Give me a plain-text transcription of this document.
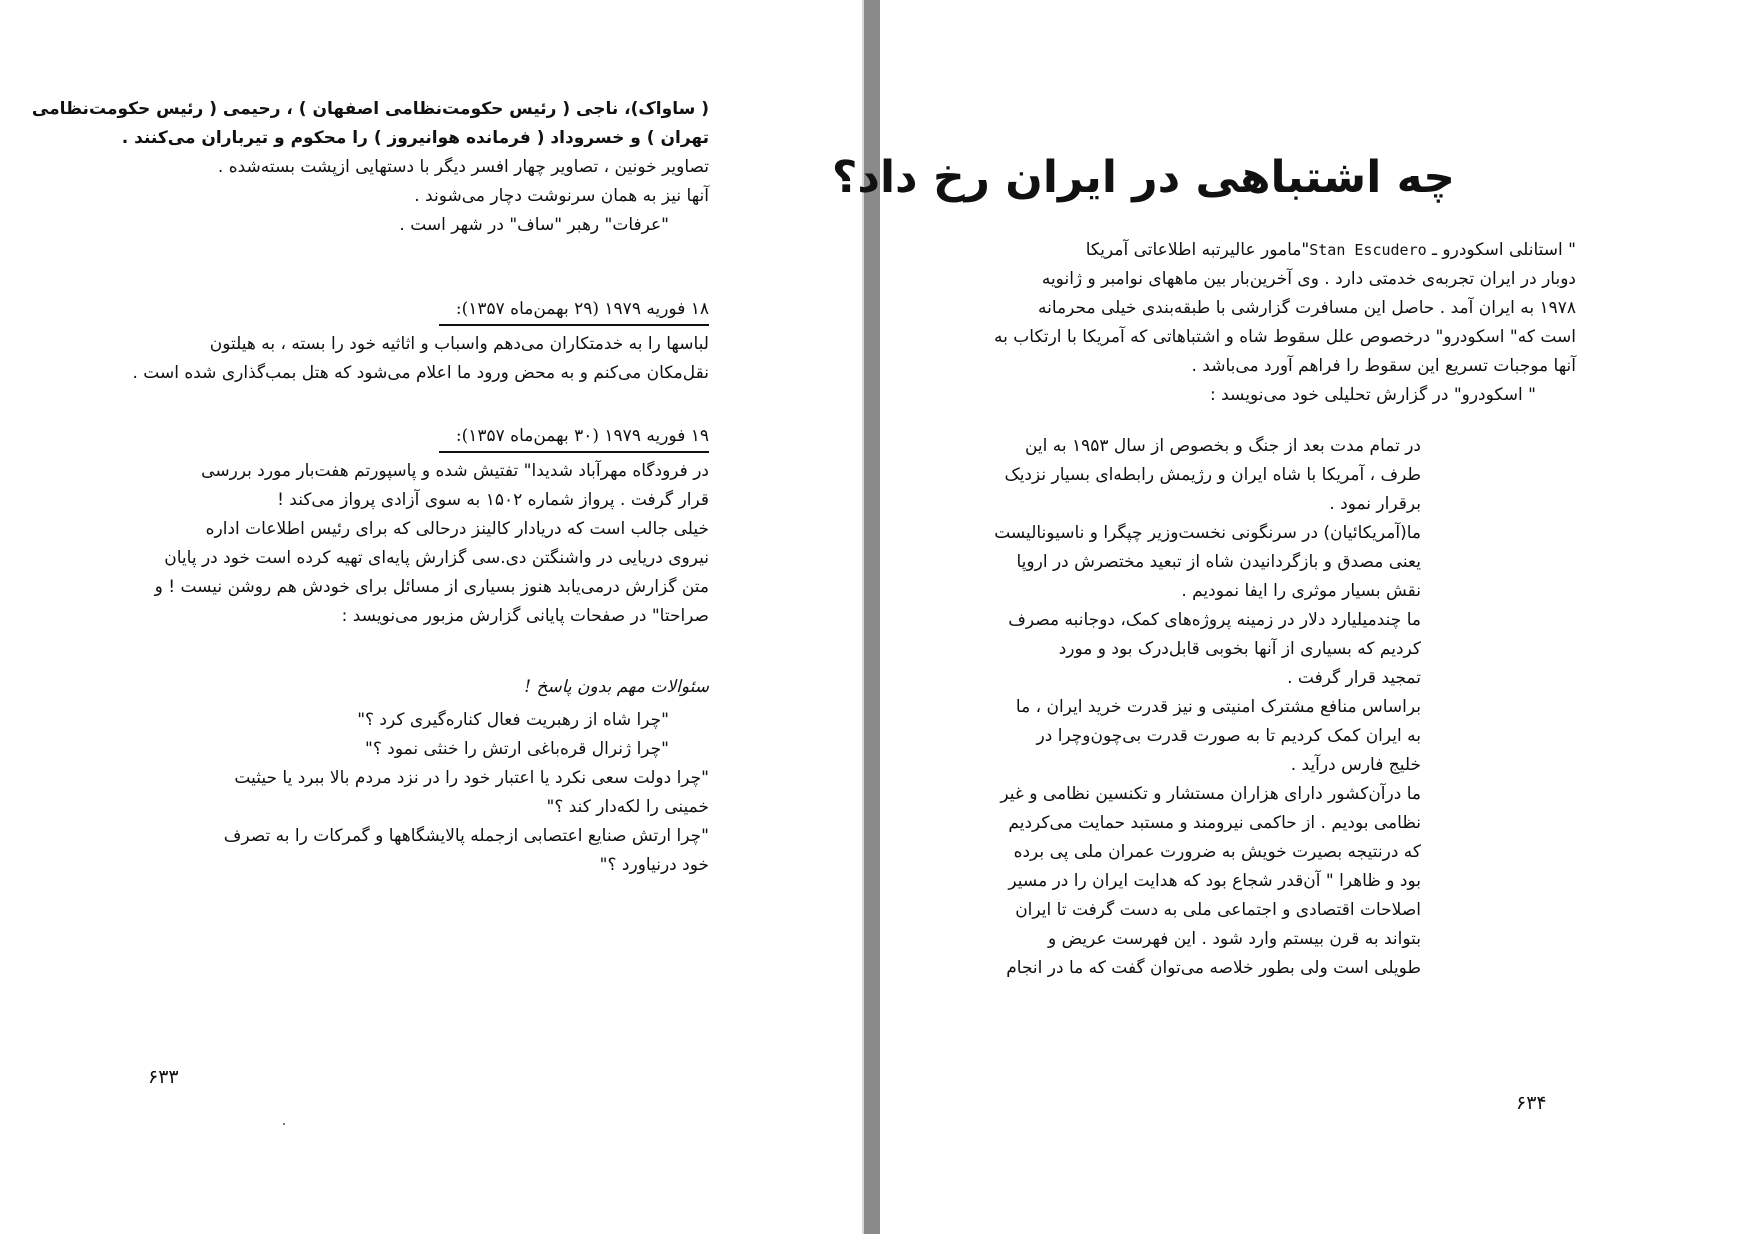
( ساواک)، ناجی ( رئیس حکومت‌نظامی اصفهان ) ، رحیمی ( رئیس حکومت‌نظامی
تهران ) و خسروداد ( فرمانده هوانیروز ) را محکوم و تیرباران می‌کنند .
تصاویر خونین ، تصاویر چهار افسر دیگر با دستهایی ازپشت بسته‌شده .
آنها نیز به همان سرنوشت دچار می‌شوند .
"عرفات" رهبر "ساف" در شهر است .
۱۸ فوریه ۱۹۷۹ (۲۹ بهمن‌ماه ۱۳۵۷):
لباسها را به خدمتکاران می‌دهم واسباب و اثاثیه خود را بسته ، به هیلتون
نقل‌مکان می‌کنم و به محض ورود ما اعلام می‌شود که هتل بمب‌گذاری شده است .
۱۹ فوریه ۱۹۷۹ (۳۰ بهمن‌ماه ۱۳۵۷):
در فرودگاه مهرآباد شدیدا" تفتیش شده و پاسپورتم هفت‌بار مورد بررسی
قرار گرفت . پرواز شماره ۱۵۰۲ به سوی آزادی پرواز می‌کند !
خیلی جالب است که دریادار کالینز درحالی که برای رئیس اطلاعات اداره
نیروی دریایی در واشنگتن دی.سی گزارش پایه‌ای تهیه کرده است خود در پایان
متن گزارش درمی‌یابد هنوز بسیاری از مسائل برای خودش هم روشن نیست ! و
صراحتا" در صفحات پایانی گزارش مزبور می‌نویسد :
سئوالات مهم بدون پاسخ !
"چرا شاه از رهبریت فعال کناره‌گیری کرد ؟"
"چرا ژنرال قره‌باغی ارتش را خنثی نمود ؟"
"چرا دولت سعی نکرد یا اعتبار خود را در نزد مردم بالا ببرد یا حیثیت
خمینی را لکه‌دار کند ؟"
"چرا ارتش صنایع اعتصابی ازجمله پالایشگاهها و گمرکات را به تصرف
خود درنیاورد ؟"
۶۳۳
چه اشتباهی در ایران رخ داد؟
" استانلی اسکودرو ـ Stan Escudero"مامور عالیرتبه اطلاعاتی آمریکا
دوبار در ایران تجربه‌ی خدمتی دارد . وی آخرین‌بار بین ماههای نوامبر و ژانویه
۱۹۷۸ به ایران آمد . حاصل این مسافرت گزارشی با طبقه‌بندی خیلی محرمانه
است که" اسکودرو" درخصوص علل سقوط شاه و اشتباهاتی که آمریکا با ارتکاب به
آنها موجبات تسریع این سقوط را فراهم آورد می‌باشد .
" اسکودرو" در گزارش تحلیلی خود می‌نویسد :
در تمام مدت بعد از جنگ و بخصوص از سال ۱۹۵۳ به این
طرف ، آمریکا با شاه ایران و رژیمش رابطه‌ای بسیار نزدیک
برقرار نمود .
ما(آمریکائیان) در سرنگونی نخست‌وزیر چپگرا و ناسیونالیست
یعنی مصدق و بازگردانیدن شاه از تبعید مختصرش در اروپا
نقش بسیار موثری را ایفا نمودیم .
ما چندمیلیارد دلار در زمینه پروژه‌های کمک، دوجانبه مصرف
کردیم که بسیاری از آنها بخوبی قابل‌درک بود و مورد
تمجید قرار گرفت .
براساس منافع مشترک امنیتی و نیز قدرت خرید ایران ، ما
به ایران کمک کردیم تا به صورت قدرت بی‌چون‌وچرا در
خلیج فارس درآید .
ما درآن‌کشور دارای هزاران مستشار و تکنسین نظامی و غیر
نظامی بودیم . از حاکمی نیرومند و مستبد حمایت می‌کردیم
که درنتیجه بصیرت خویش به ضرورت عمران ملی پی برده
بود و ظاهرا " آن‌قدر شجاع بود که هدایت ایران را در مسیر
اصلاحات اقتصادی و اجتماعی ملی به دست گرفت تا ایران
بتواند به قرن بیستم وارد شود . این فهرست عریض و
طویلی است ولی بطور خلاصه می‌توان گفت که ما در انجام
۶۳۴
